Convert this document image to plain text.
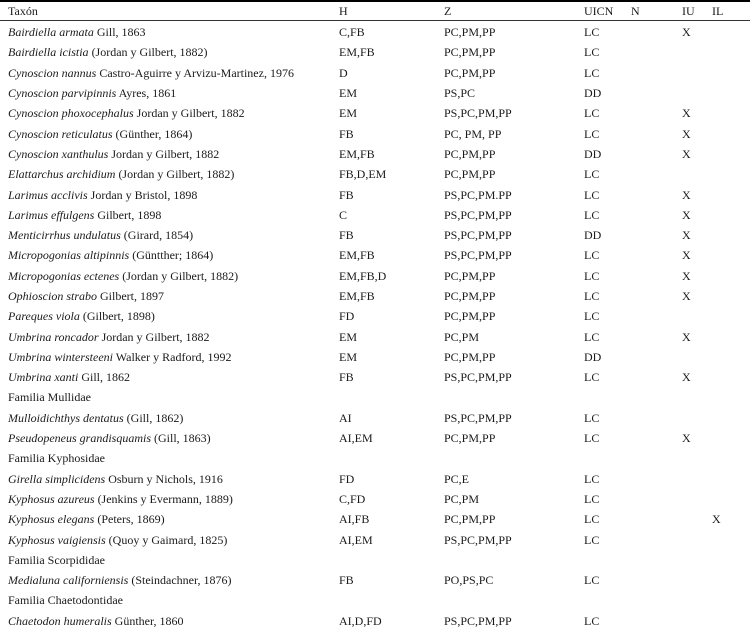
Taxón	H	Z	UICN	N	IU	IL
Bairdiella armata Gill, 1863	C,FB	PC,PM,PP	LC		X	
Bairdiella icistia (Jordan y Gilbert, 1882)	EM,FB	PC,PM,PP	LC			
Cynoscion nannus Castro-Aguirre y Arvizu-Martinez, 1976	D	PC,PM,PP	LC			
Cynoscion parvipinnis Ayres, 1861	EM	PS,PC	DD			
Cynoscion phoxocephalus Jordan y Gilbert, 1882	EM	PS,PC,PM,PP	LC		X	
Cynoscion reticulatus (Günther, 1864)	FB	PC, PM, PP	LC		X	
Cynoscion xanthulus Jordan y Gilbert, 1882	EM,FB	PC,PM,PP	DD		X	
Elattarchus archidium (Jordan y Gilbert, 1882)	FB,D,EM	PC,PM,PP	LC			
Larimus acclivis Jordan y Bristol, 1898	FB	PS,PC,PM.PP	LC		X	
Larimus effulgens Gilbert, 1898	C	PS,PC,PM,PP	LC		X	
Menticirrhus undulatus (Girard, 1854)	FB	PS,PC,PM,PP	DD		X	
Micropogonias altipinnis (Güntther; 1864)	EM,FB	PS,PC,PM,PP	LC		X	
Micropogonias ectenes (Jordan y Gilbert, 1882)	EM,FB,D	PC,PM,PP	LC		X	
Ophioscion strabo Gilbert, 1897	EM,FB	PC,PM,PP	LC		X	
Pareques viola (Gilbert, 1898)	FD	PC,PM,PP	LC			
Umbrina roncador Jordan y Gilbert, 1882	EM	PC,PM	LC		X	
Umbrina wintersteeni Walker y Radford, 1992	EM	PC,PM,PP	DD			
Umbrina xanti Gill, 1862	FB	PS,PC,PM,PP	LC		X	
Familia Mullidae						
Mulloidichthys dentatus (Gill, 1862)	AI	PS,PC,PM,PP	LC			
Pseudopeneus grandisquamis (Gill, 1863)	AI,EM	PC,PM,PP	LC		X	
Familia Kyphosidae						
Girella simplicidens Osburn y Nichols, 1916	FD	PC,E	LC			
Kyphosus azureus (Jenkins y Evermann, 1889)	C,FD	PC,PM	LC			
Kyphosus elegans (Peters, 1869)	AI,FB	PC,PM,PP	LC			X
Kyphosus vaigiensis (Quoy y Gaimard, 1825)	AI,EM	PS,PC,PM,PP	LC			
Familia Scorpididae						
Medialuna californiensis (Steindachner, 1876)	FB	PO,PS,PC	LC			
Familia Chaetodontidae						
Chaetodon humeralis Günther, 1860	AI,D,FD	PS,PC,PM,PP	LC			
